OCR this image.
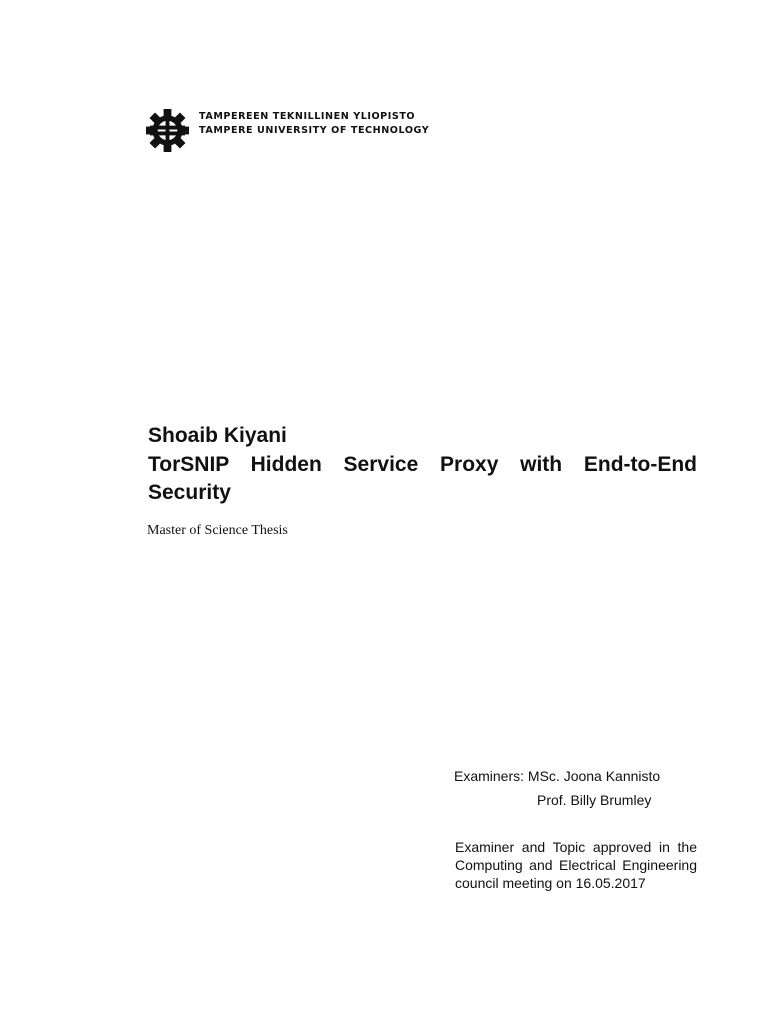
TAMPEREEN TEKNILLINEN YLIOPISTO
TAMPERE UNIVERSITY OF TECHNOLOGY
Shoaib Kiyani
TorSNIP Hidden Service Proxy with End-to-End Security
Master of Science Thesis
Examiners: MSc. Joona Kannisto
Prof. Billy Brumley
Examiner and Topic approved in the Computing and Electrical Engineering council meeting on 16.05.2017
